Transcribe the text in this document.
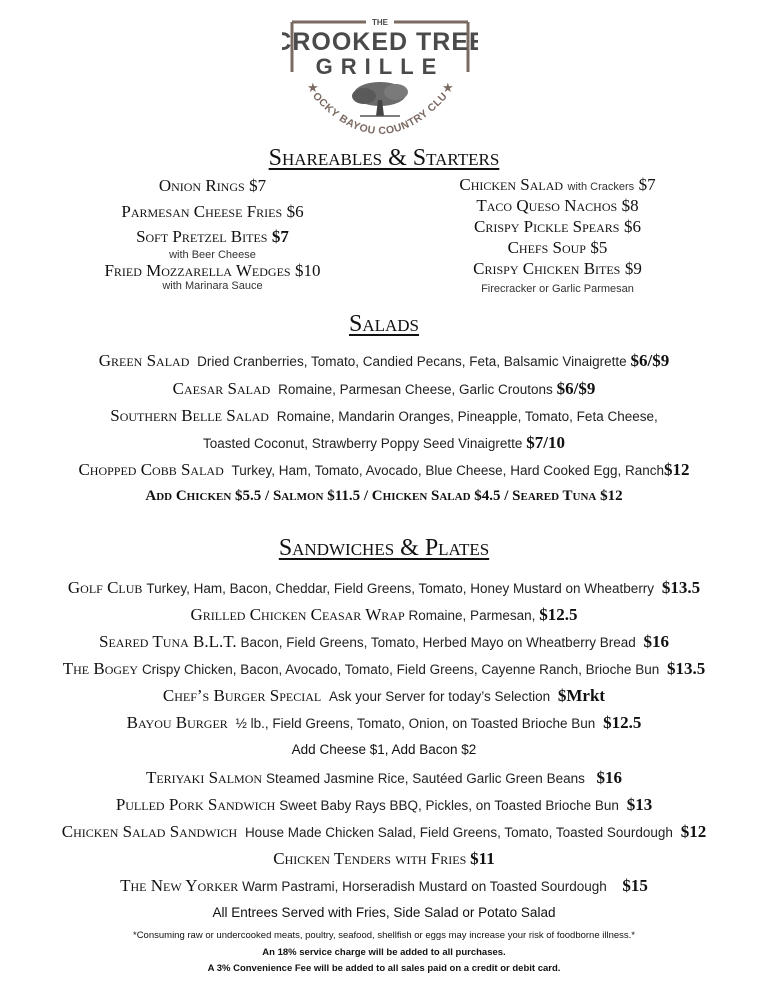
THE
CROOKED TREE
GRILLE
★	★
OCKY BAYOU COUNTRY CLU
Shareables & Starters
Onion Rings $7
Parmesan Cheese Fries $6
Soft Pretzel Bites $7
with Beer Cheese
Fried Mozzarella Wedges $10
with Marinara Sauce
Chicken Salad with Crackers $7
Taco Queso Nachos $8
Crispy Pickle Spears $6
Chefs Soup $5
Crispy Chicken Bites $9
Firecracker or Garlic Parmesan
Salads
Green Salad Dried Cranberries, Tomato, Candied Pecans, Feta, Balsamic Vinaigrette $6/$9
Caesar Salad Romaine, Parmesan Cheese, Garlic Croutons $6/$9
Southern Belle Salad Romaine, Mandarin Oranges, Pineapple, Tomato, Feta Cheese,
Toasted Coconut, Strawberry Poppy Seed Vinaigrette $7/10
Chopped Cobb Salad Turkey, Ham, Tomato, Avocado, Blue Cheese, Hard Cooked Egg, Ranch$12
Add Chicken $5.5 / Salmon $11.5 / Chicken Salad $4.5 / Seared Tuna $12
Sandwiches & Plates
Golf Club Turkey, Ham, Bacon, Cheddar, Field Greens, Tomato, Honey Mustard on Wheatberry $13.5
Grilled Chicken Ceasar Wrap Romaine, Parmesan, $12.5
Seared Tuna B.L.T. Bacon, Field Greens, Tomato, Herbed Mayo on Wheatberry Bread $16
The Bogey Crispy Chicken, Bacon, Avocado, Tomato, Field Greens, Cayenne Ranch, Brioche Bun $13.5
Chef’s Burger Special Ask your Server for today’s Selection $Mrkt
Bayou Burger ½ lb., Field Greens, Tomato, Onion, on Toasted Brioche Bun $12.5
Add Cheese $1, Add Bacon $2
Teriyaki Salmon Steamed Jasmine Rice, Sautéed Garlic Green Beans $16
Pulled Pork Sandwich Sweet Baby Rays BBQ, Pickles, on Toasted Brioche Bun $13
Chicken Salad Sandwich House Made Chicken Salad, Field Greens, Tomato, Toasted Sourdough $12
Chicken Tenders with Fries $11
The New Yorker Warm Pastrami, Horseradish Mustard on Toasted Sourdough $15
All Entrees Served with Fries, Side Salad or Potato Salad
*Consuming raw or undercooked meats, poultry, seafood, shellfish or eggs may increase your risk of foodborne illness.*
An 18% service charge will be added to all purchases.
A 3% Convenience Fee will be added to all sales paid on a credit or debit card.
